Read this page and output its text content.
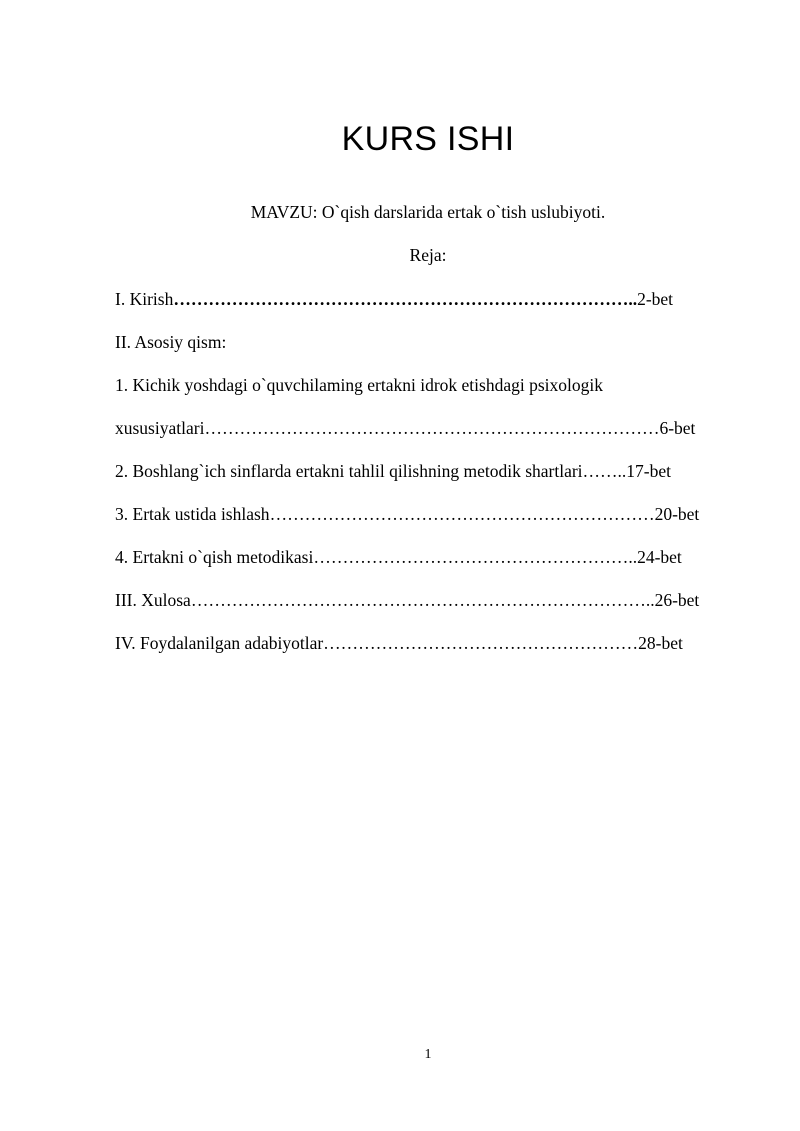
KURS ISHI
MAVZU: O`qish darslarida ertak o`tish uslubiyoti.
Reja:
I. Kirish……………………………………………………………………..2-bet
II. Asosiy qism:
1. Kichik yoshdagi o`quvchilaming ertakni idrok etishdagi psixologik
xususiyatlari……………………………………………………………………6-bet
2. Boshlang`ich sinflarda ertakni tahlil qilishning metodik shartlari……..17-bet
3. Ertak ustida ishlash…………………………………………………………20-bet
4. Ertakni o`qish metodikasi………………………………………………..24-bet
III. Xulosa……………………………………………………………………..26-bet
IV. Foydalanilgan adabiyotlar………………………………………………28-bet
1
